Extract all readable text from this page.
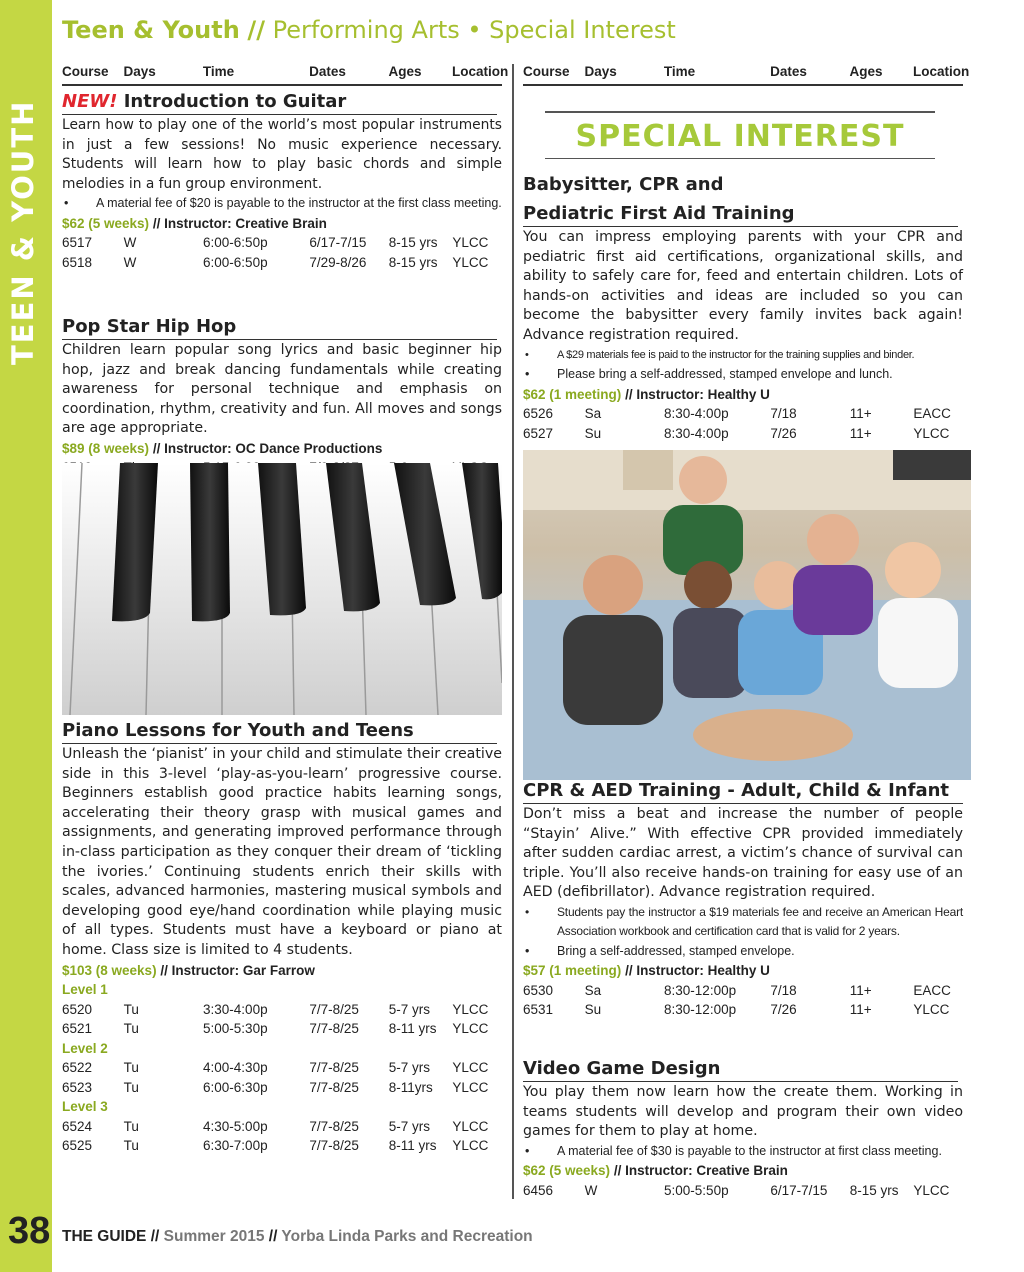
TEEN & YOUTH
38
Teen & Youth // Performing Arts • Special Interest
Course	Days	Time	Dates	Ages	Location
NEW! Introduction to Guitar
Learn how to play one of the world’s most popular instruments in just a few sessions! No music experience necessary. Students will learn how to play basic chords and simple melodies in a fun group environment.
• A material fee of $20 is payable to the instructor at the first class meeting.
$62 (5 weeks) // Instructor: Creative Brain
6517	W	6:00-6:50p	6/17-7/15	8-15 yrs	YLCC
6518	W	6:00-6:50p	7/29-8/26	8-15 yrs	YLCC
Pop Star Hip Hop
Children learn popular song lyrics and basic beginner hip hop, jazz and break dancing fundamentals while creating awareness for personal technique and emphasis on coordination, rhythm, creativity and fun. All moves and songs are age appropriate.
$89 (8 weeks) // Instructor: OC Dance Productions
Piano Lessons for Youth and Teens
Unleash the ‘pianist’ in your child and stimulate their creative side in this 3-level ‘play-as-you-learn’ progressive course. Beginners establish good practice habits learning songs, accelerating their theory grasp with musical games and assignments, and generating improved performance through in-class participation as they conquer their dream of ‘tickling the ivories.’ Continuing students enrich their skills with scales, advanced harmonies, mastering musical symbols and developing good eye/hand coordination while playing music of all types. Students must have a keyboard or piano at home. Class size is limited to 4 students.
$103 (8 weeks) // Instructor: Gar Farrow
Level 1
6520	Tu	3:30-4:00p	7/7-8/25	5-7 yrs	YLCC
6521	Tu	5:00-5:30p	7/7-8/25	8-11 yrs	YLCC
Level 2
6522	Tu	4:00-4:30p	7/7-8/25	5-7 yrs	YLCC
6523	Tu	6:00-6:30p	7/7-8/25	8-11yrs	YLCC
Level 3
6524	Tu	4:30-5:00p	7/7-8/25	5-7 yrs	YLCC
6525	Tu	6:30-7:00p	7/7-8/25	8-11 yrs	YLCC
Course	Days	Time	Dates	Ages	Location
SPECIAL INTEREST
Babysitter, CPR and
Pediatric First Aid Training
You can impress employing parents with your CPR and pediatric first aid certifications, organizational skills, and ability to safely care for, feed and entertain children. Lots of hands-on activities and ideas are included so you can become the babysitter every family invites back again! Advance registration required.
• A $29 materials fee is paid to the instructor for the training supplies and binder.
• Please bring a self-addressed, stamped envelope and lunch.
$62 (1 meeting) // Instructor: Healthy U
6526	Sa	8:30-4:00p	7/18	11+	EACC
6527	Su	8:30-4:00p	7/26	11+	YLCC
CPR & AED Training - Adult, Child & Infant
Don’t miss a beat and increase the number of people “Stayin’ Alive.” With effective CPR provided immediately after sudden cardiac arrest, a victim’s chance of survival can triple. You’ll also receive hands-on training for easy use of an AED (defibrillator). Advance registration required.
• Students pay the instructor a $19 materials fee and receive an American Heart Association workbook and certification card that is valid for 2 years.
• Bring a self-addressed, stamped envelope.
$57 (1 meeting) // Instructor: Healthy U
6530	Sa	8:30-12:00p	7/18	11+	EACC
6531	Su	8:30-12:00p	7/26	11+	YLCC
Video Game Design
You play them now learn how the create them. Working in teams students will develop and program their own video games for them to play at home.
• A material fee of $30 is payable to the instructor at first class meeting.
$62 (5 weeks) // Instructor: Creative Brain
6456	W	5:00-5:50p	6/17-7/15	8-15 yrs	YLCC
THE GUIDE // Summer 2015 // Yorba Linda Parks and Recreation
